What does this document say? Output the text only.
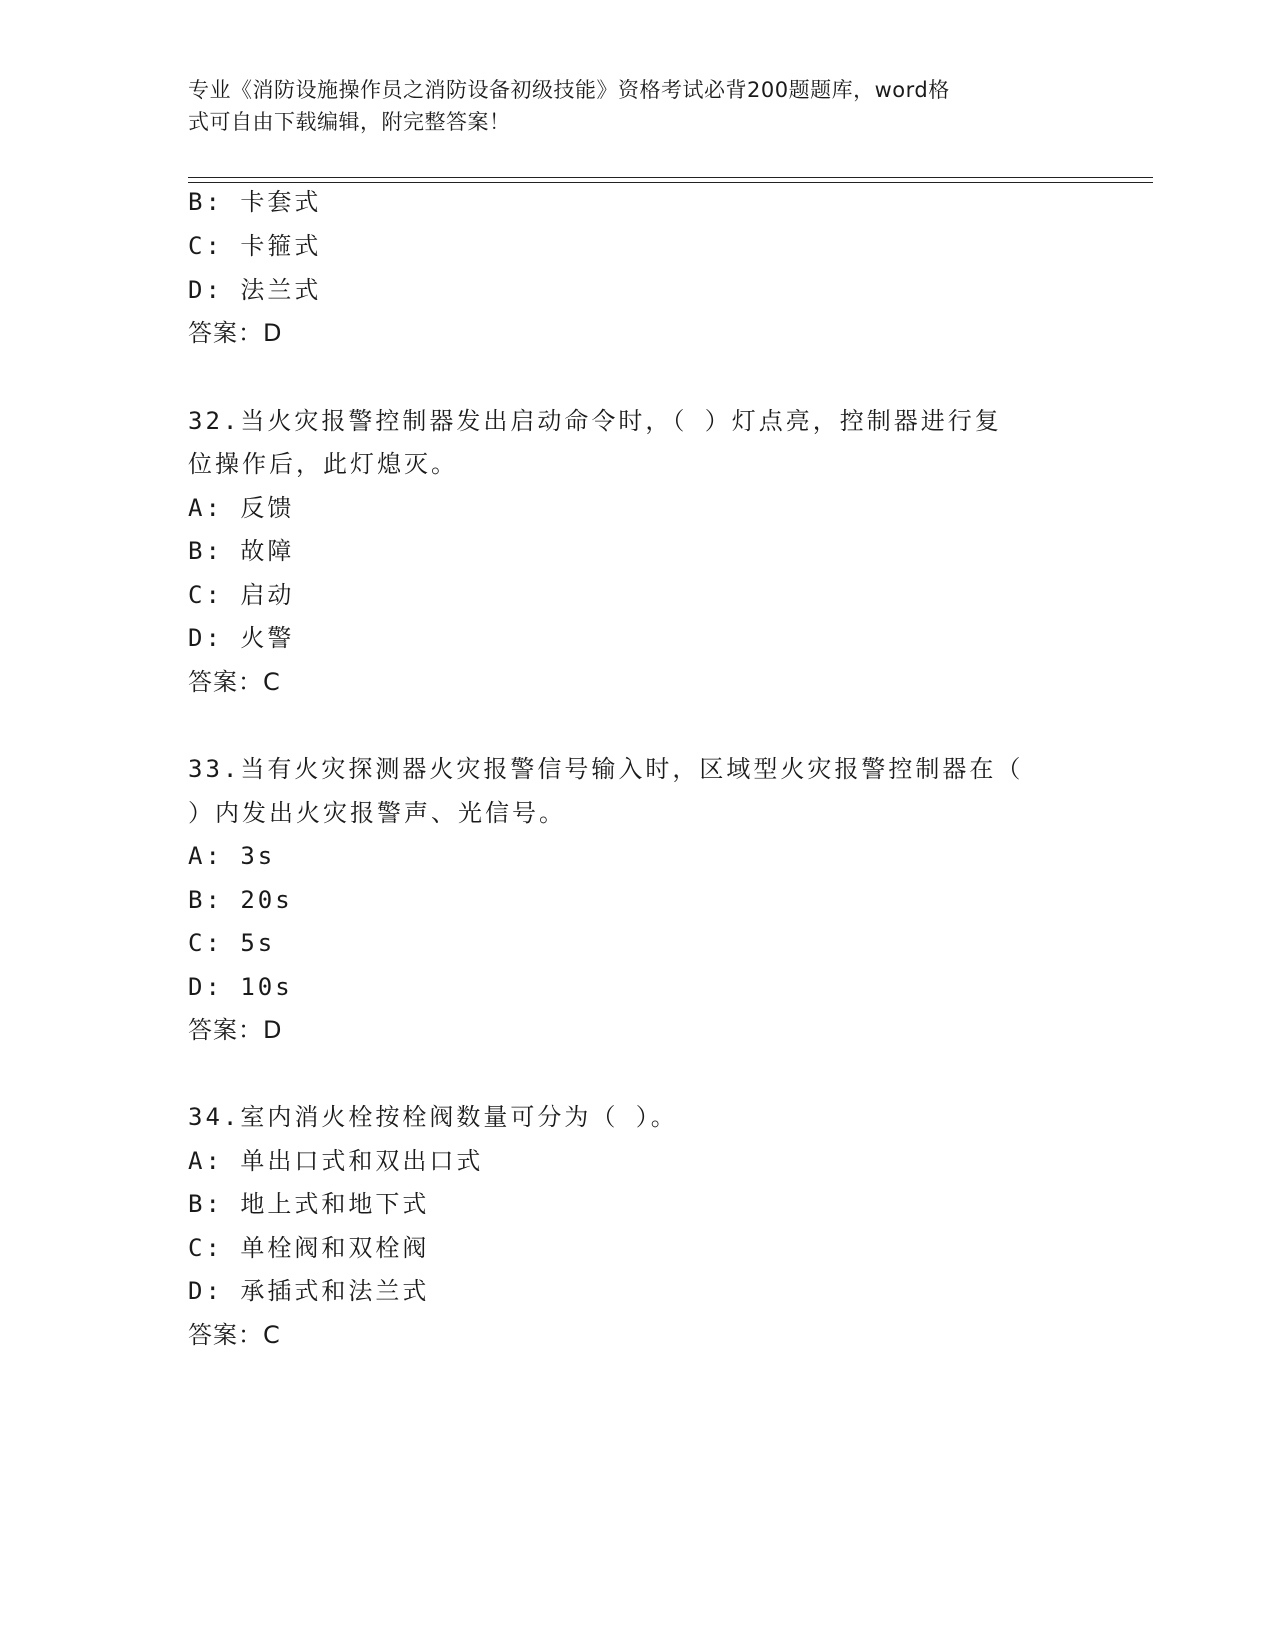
专业《消防设施操作员之消防设备初级技能》资格考试必背200题题库，word格
式可自由下载编辑，附完整答案！
B: 卡套式
C: 卡箍式
D: 法兰式
答案：D
32.当火灾报警控制器发出启动命令时，（ ）灯点亮，控制器进行复
位操作后，此灯熄灭。
A: 反馈
B: 故障
C: 启动
D: 火警
答案：C
33.当有火灾探测器火灾报警信号输入时，区域型火灾报警控制器在（
）内发出火灾报警声、光信号。
A: 3s
B: 20s
C: 5s
D: 10s
答案：D
34.室内消火栓按栓阀数量可分为（ ）。
A: 单出口式和双出口式
B: 地上式和地下式
C: 单栓阀和双栓阀
D: 承插式和法兰式
答案：C
